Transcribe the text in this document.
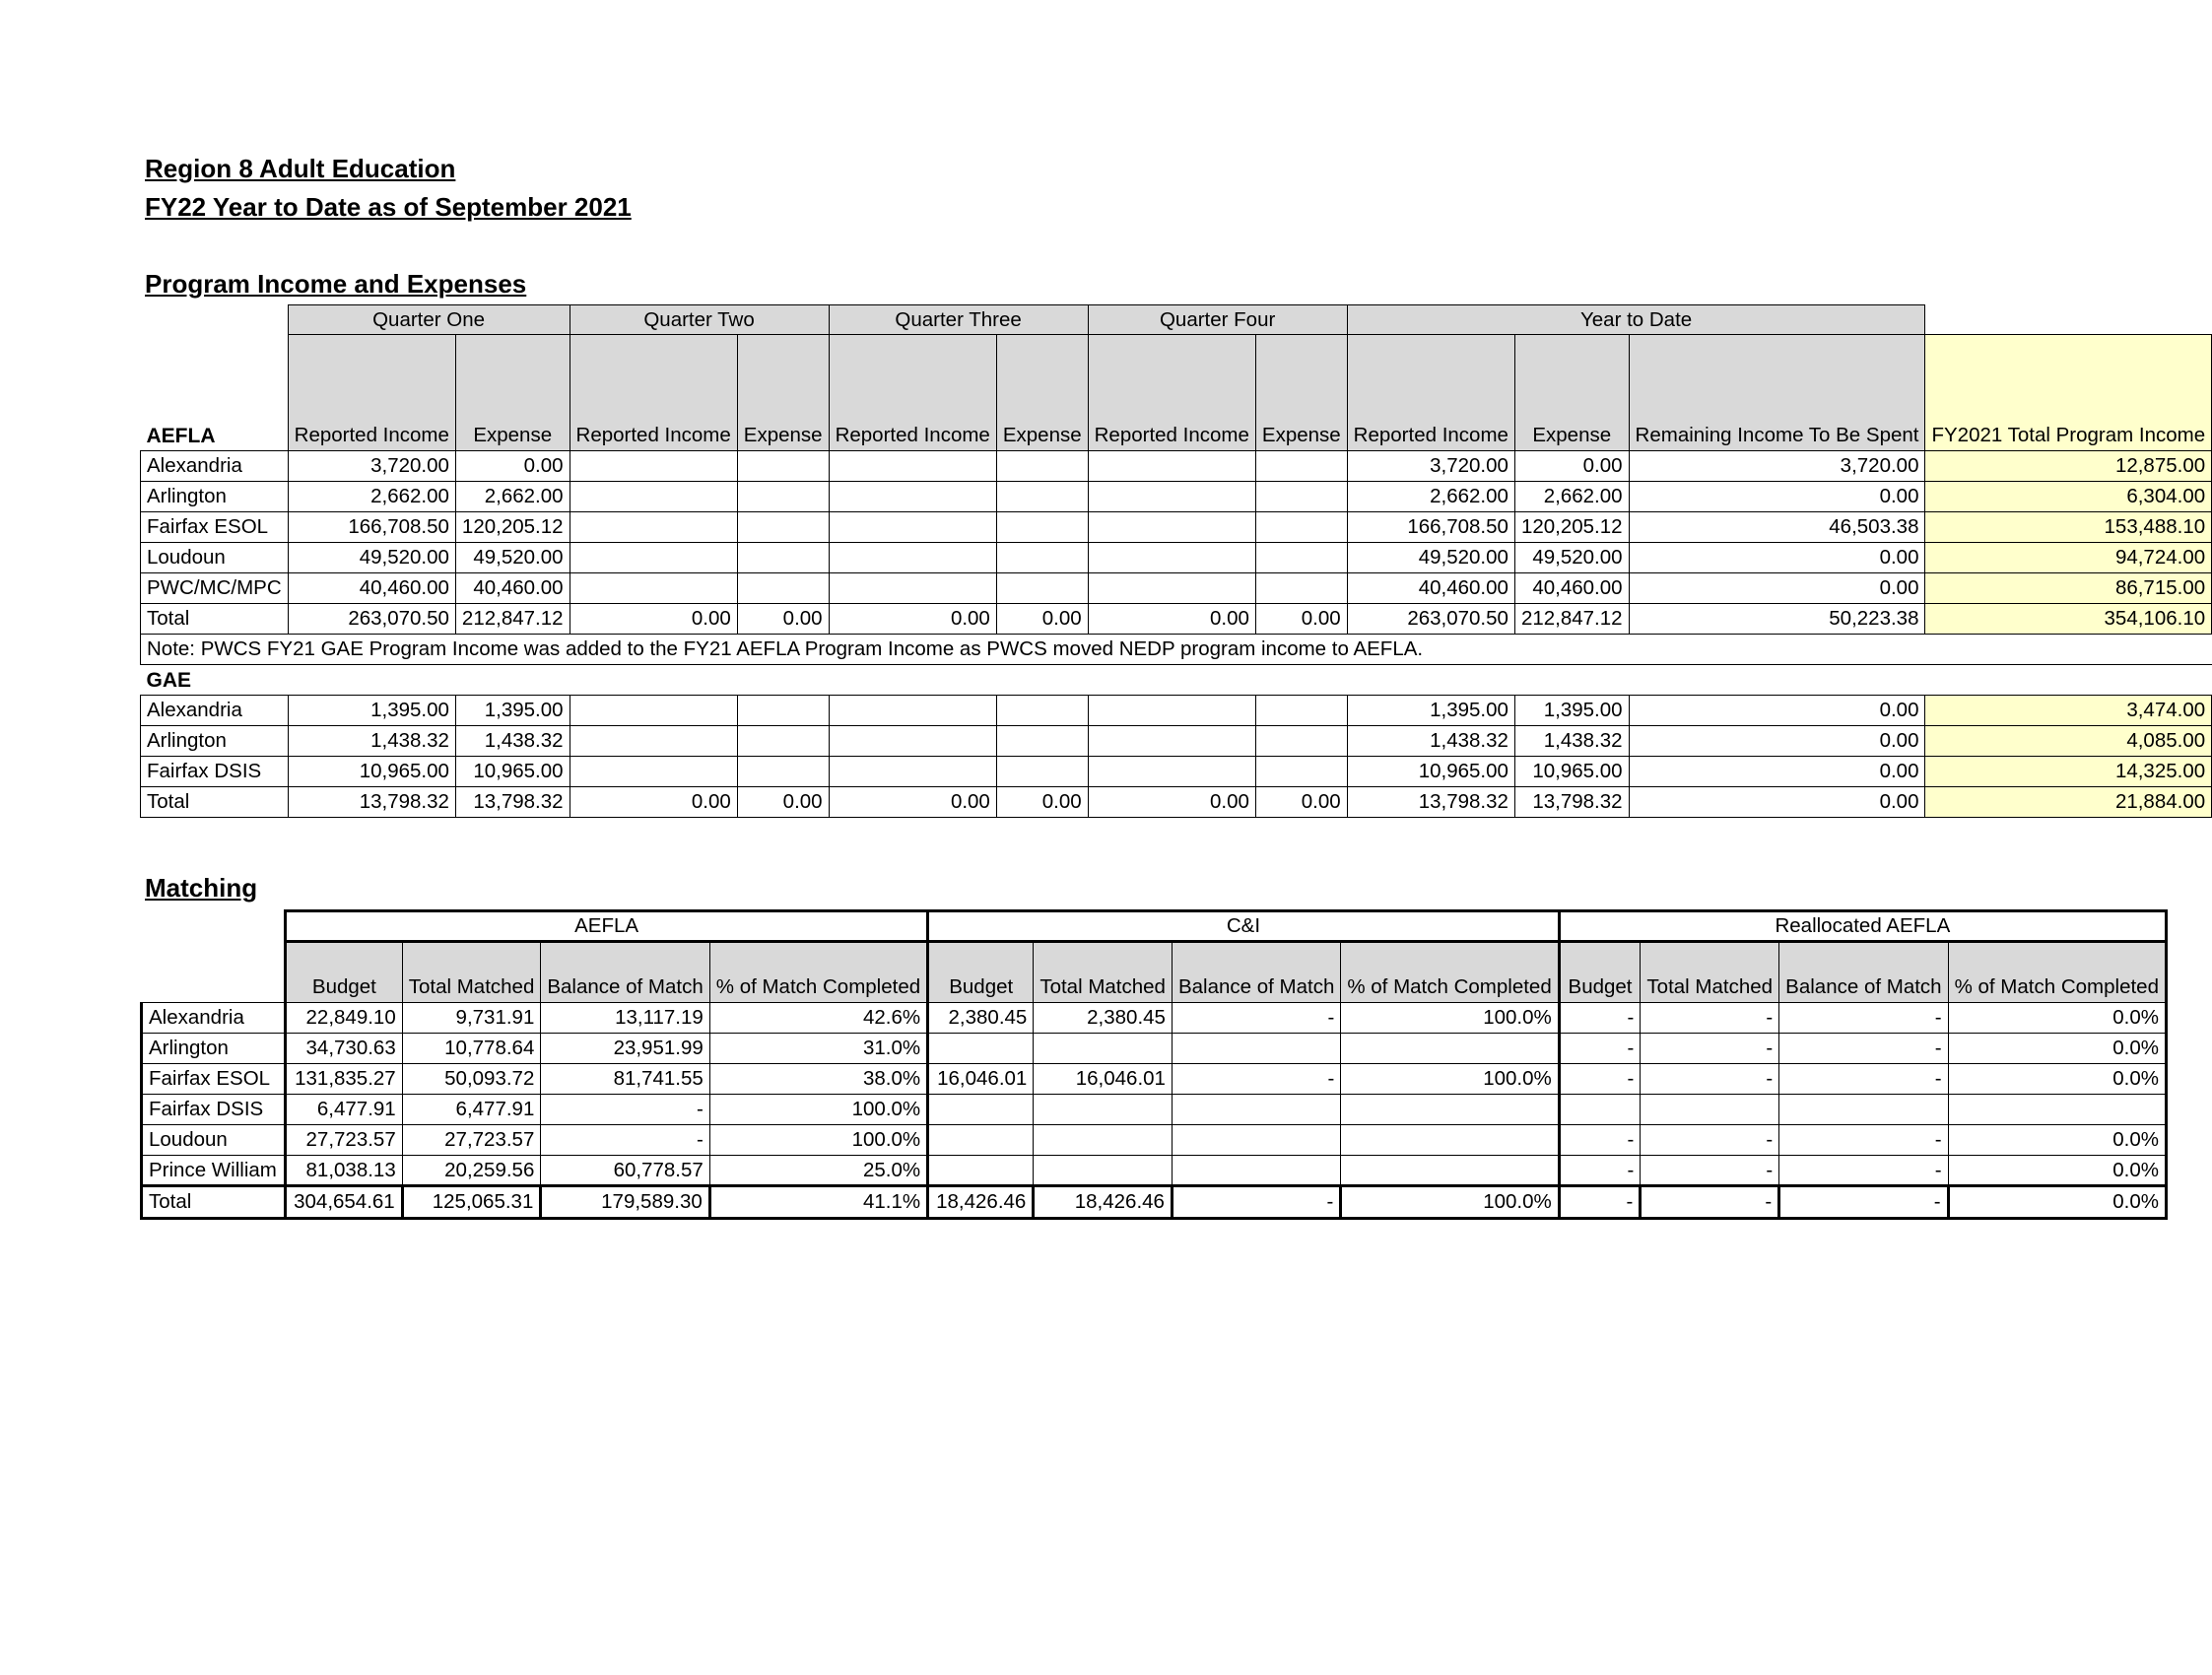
Region 8 Adult Education
FY22 Year to Date as of September 2021
Program Income and Expenses
Matching
	Quarter One		Quarter Two		Quarter Three		Quarter Four		Year to Date			
AEFLA	Reported Income	Expense	Reported Income	Expense	Reported Income	Expense	Reported Income	Expense	Reported Income	Expense	Remaining Income To Be Spent	FY2021 Total Program Income
Alexandria	3,720.00	0.00							3,720.00	0.00	3,720.00	12,875.00
Arlington	2,662.00	2,662.00							2,662.00	2,662.00	0.00	6,304.00
Fairfax ESOL	166,708.50	120,205.12							166,708.50	120,205.12	46,503.38	153,488.10
Loudoun	49,520.00	49,520.00							49,520.00	49,520.00	0.00	94,724.00
PWC/MC/MPC	40,460.00	40,460.00							40,460.00	40,460.00	0.00	86,715.00
Total	263,070.50	212,847.12	0.00	0.00	0.00	0.00	0.00	0.00	263,070.50	212,847.12	50,223.38	354,106.10
Note: PWCS FY21 GAE Program Income was added to the FY21 AEFLA Program Income as PWCS moved NEDP program income to AEFLA.												
GAE												
Alexandria	1,395.00	1,395.00							1,395.00	1,395.00	0.00	3,474.00
Arlington	1,438.32	1,438.32							1,438.32	1,438.32	0.00	4,085.00
Fairfax DSIS	10,965.00	10,965.00							10,965.00	10,965.00	0.00	14,325.00
Total	13,798.32	13,798.32	0.00	0.00	0.00	0.00	0.00	0.00	13,798.32	13,798.32	0.00	21,884.00
	AEFLA				C&I				Reallocated AEFLA			
	Budget	Total Matched	Balance of Match	% of Match Completed	Budget	Total Matched	Balance of Match	% of Match Completed	Budget	Total Matched	Balance of Match	% of Match Completed
Alexandria	22,849.10	9,731.91	13,117.19	42.6%	2,380.45	2,380.45	-	100.0%	-	-	-	0.0%
Arlington	34,730.63	10,778.64	23,951.99	31.0%					-	-	-	0.0%
Fairfax ESOL	131,835.27	50,093.72	81,741.55	38.0%	16,046.01	16,046.01	-	100.0%	-	-	-	0.0%
Fairfax DSIS	6,477.91	6,477.91	-	100.0%								
Loudoun	27,723.57	27,723.57	-	100.0%					-	-	-	0.0%
Prince William	81,038.13	20,259.56	60,778.57	25.0%					-	-	-	0.0%
Total	304,654.61	125,065.31	179,589.30	41.1%	18,426.46	18,426.46	-	100.0%	-	-	-	0.0%
